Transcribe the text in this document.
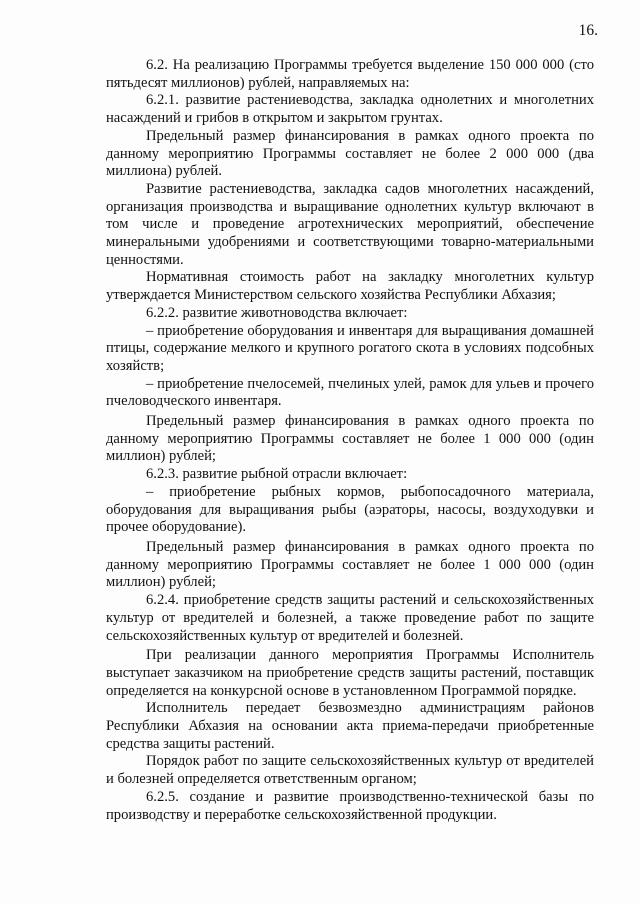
16.

6.2. На реализацию Программы требуется выделение 150 000 000 (сто пятьдесят миллионов) рублей, направляемых на:

6.2.1. развитие растениеводства, закладка однолетних и многолетних насаждений и грибов в открытом и закрытом грунтах.

Предельный размер финансирования в рамках одного проекта по данному мероприятию Программы составляет не более 2 000 000 (два миллиона) рублей.

Развитие растениеводства, закладка садов многолетних насаждений, организация производства и выращивание однолетних культур включают в том числе и проведение агротехнических мероприятий, обеспечение минеральными удобрениями и соответствующими товарно-материальными ценностями.

Нормативная стоимость работ на закладку многолетних культур утверждается Министерством сельского хозяйства Республики Абхазия;

6.2.2. развитие животноводства включает:

– приобретение оборудования и инвентаря для выращивания домашней птицы, содержание мелкого и крупного рогатого скота в условиях подсобных хозяйств;

– приобретение пчелосемей, пчелиных улей, рамок для ульев и прочего пчеловодческого инвентаря.

Предельный размер финансирования в рамках одного проекта по данному мероприятию Программы составляет не более 1 000 000 (один миллион) рублей;

6.2.3. развитие рыбной отрасли включает:

– приобретение рыбных кормов, рыбопосадочного материала, оборудования для выращивания рыбы (аэраторы, насосы, воздуходувки и прочее оборудование).

Предельный размер финансирования в рамках одного проекта по данному мероприятию Программы составляет не более 1 000 000 (один миллион) рублей;

6.2.4. приобретение средств защиты растений и сельскохозяйственных культур от вредителей и болезней, а также проведение работ по защите сельскохозяйственных культур от вредителей и болезней.

При реализации данного мероприятия Программы Исполнитель выступает заказчиком на приобретение средств защиты растений, поставщик определяется на конкурсной основе в установленном Программой порядке.

Исполнитель передает безвозмездно администрациям районов Республики Абхазия на основании акта приема-передачи приобретенные средства защиты растений.

Порядок работ по защите сельскохозяйственных культур от вредителей и болезней определяется ответственным органом;

6.2.5. создание и развитие производственно-технической базы по производству и переработке сельскохозяйственной продукции.
